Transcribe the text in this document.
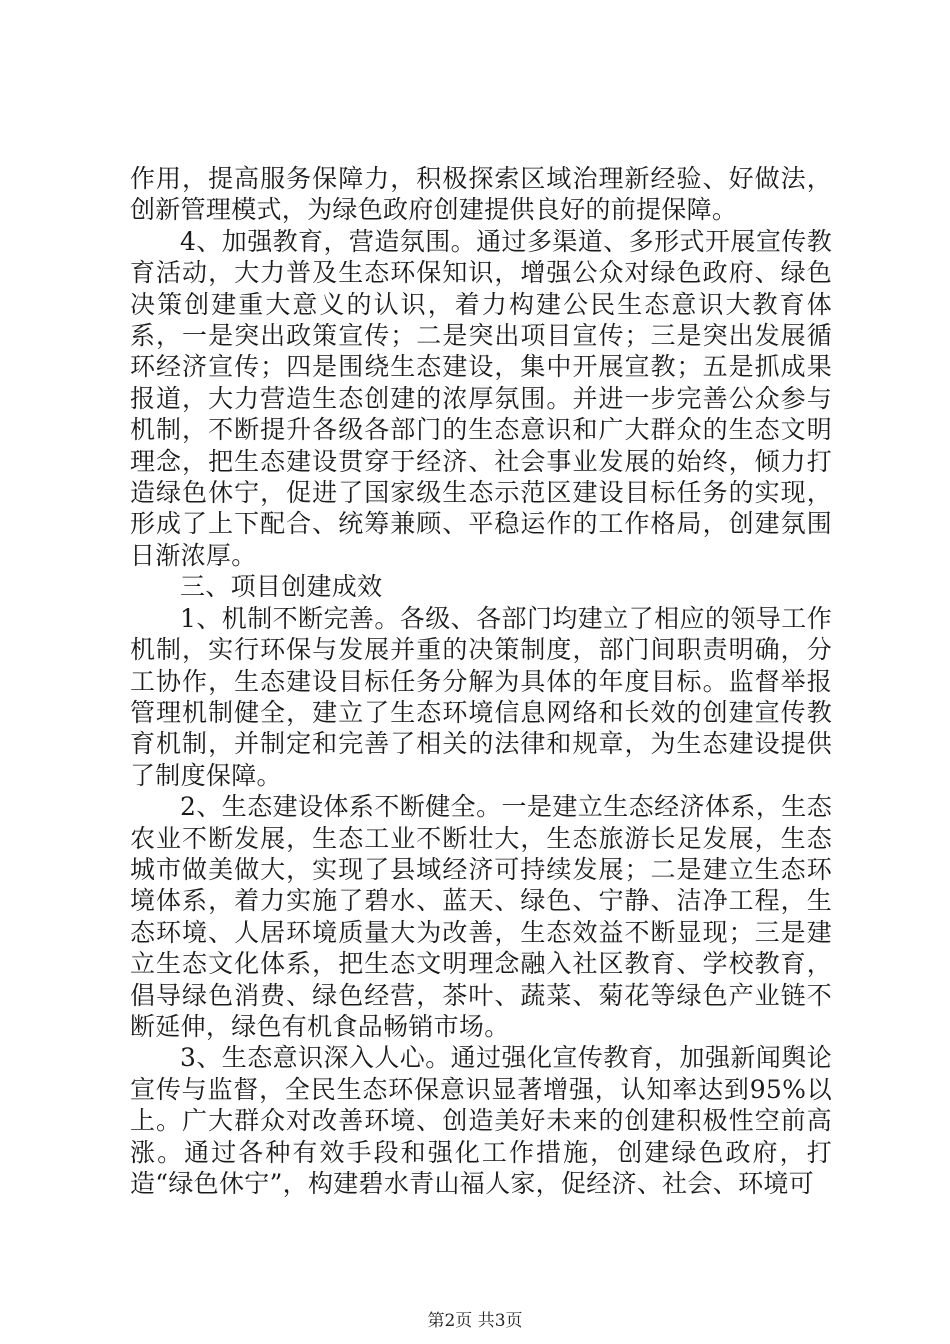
作用，提高服务保障力，积极探索区域治理新经验、好做法，创新管理模式，为绿色政府创建提供良好的前提保障。

4、加强教育，营造氛围。通过多渠道、多形式开展宣传教育活动，大力普及生态环保知识，增强公众对绿色政府、绿色决策创建重大意义的认识，着力构建公民生态意识大教育体系，一是突出政策宣传；二是突出项目宣传；三是突出发展循环经济宣传；四是围绕生态建设，集中开展宣教；五是抓成果报道，大力营造生态创建的浓厚氛围。并进一步完善公众参与机制，不断提升各级各部门的生态意识和广大群众的生态文明理念，把生态建设贯穿于经济、社会事业发展的始终，倾力打造绿色休宁，促进了国家级生态示范区建设目标任务的实现，形成了上下配合、统筹兼顾、平稳运作的工作格局，创建氛围日渐浓厚。

三、项目创建成效

1、机制不断完善。各级、各部门均建立了相应的领导工作机制，实行环保与发展并重的决策制度，部门间职责明确，分工协作，生态建设目标任务分解为具体的年度目标。监督举报管理机制健全，建立了生态环境信息网络和长效的创建宣传教育机制，并制定和完善了相关的法律和规章，为生态建设提供了制度保障。

2、生态建设体系不断健全。一是建立生态经济体系，生态农业不断发展，生态工业不断壮大，生态旅游长足发展，生态城市做美做大，实现了县域经济可持续发展；二是建立生态环境体系，着力实施了碧水、蓝天、绿色、宁静、洁净工程，生态环境、人居环境质量大为改善，生态效益不断显现；三是建立生态文化体系，把生态文明理念融入社区教育、学校教育，倡导绿色消费、绿色经营，茶叶、蔬菜、菊花等绿色产业链不断延伸，绿色有机食品畅销市场。

3、生态意识深入人心。通过强化宣传教育，加强新闻舆论宣传与监督，全民生态环保意识显著增强，认知率达到95%以上。广大群众对改善环境、创造美好未来的创建积极性空前高涨。通过各种有效手段和强化工作措施，创建绿色政府，打造“绿色休宁”，构建碧水青山福人家，促经济、社会、环境可

第2页 共3页
